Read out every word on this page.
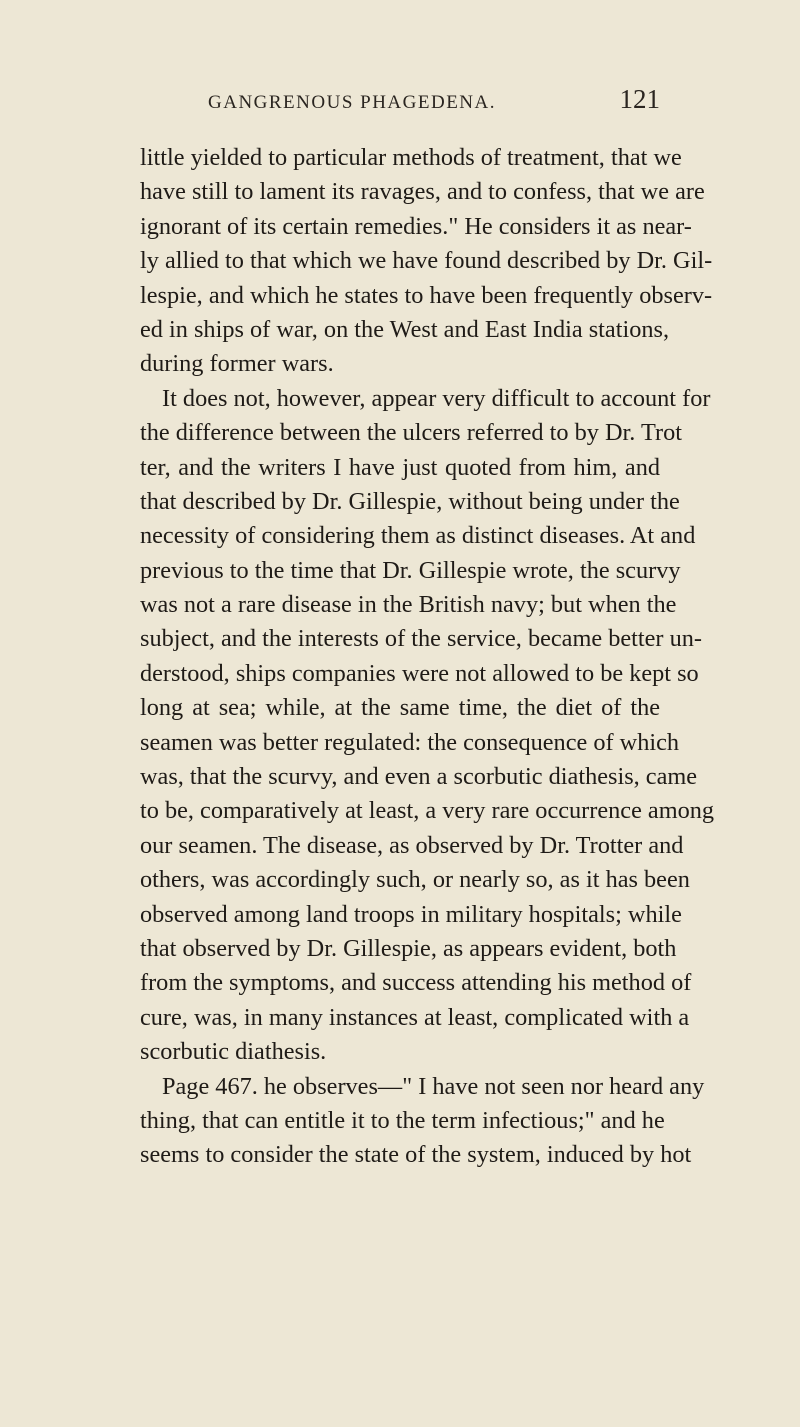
GANGRENOUS PHAGEDENA.	121
little yielded to particular methods of treatment, that we
have still to lament its ravages, and to confess, that we are
ignorant of its certain remedies." He considers it as near-
ly allied to that which we have found described by Dr. Gil-
lespie, and which he states to have been frequently observ-
ed in ships of war, on the West and East India stations,
during former wars.
It does not, however, appear very difficult to account for
the difference between the ulcers referred to by Dr. Trot
ter, and the writers I have just quoted from him, and
that described by Dr. Gillespie, without being under the
necessity of considering them as distinct diseases. At and
previous to the time that Dr. Gillespie wrote, the scurvy
was not a rare disease in the British navy; but when the
subject, and the interests of the service, became better un-
derstood, ships companies were not allowed to be kept so
long at sea; while, at the same time, the diet of the
seamen was better regulated: the consequence of which
was, that the scurvy, and even a scorbutic diathesis, came
to be, comparatively at least, a very rare occurrence among
our seamen. The disease, as observed by Dr. Trotter and
others, was accordingly such, or nearly so, as it has been
observed among land troops in military hospitals; while
that observed by Dr. Gillespie, as appears evident, both
from the symptoms, and success attending his method of
cure, was, in many instances at least, complicated with a
scorbutic diathesis.
Page 467. he observes—" I have not seen nor heard any
thing, that can entitle it to the term infectious;" and he
seems to consider the state of the system, induced by hot
